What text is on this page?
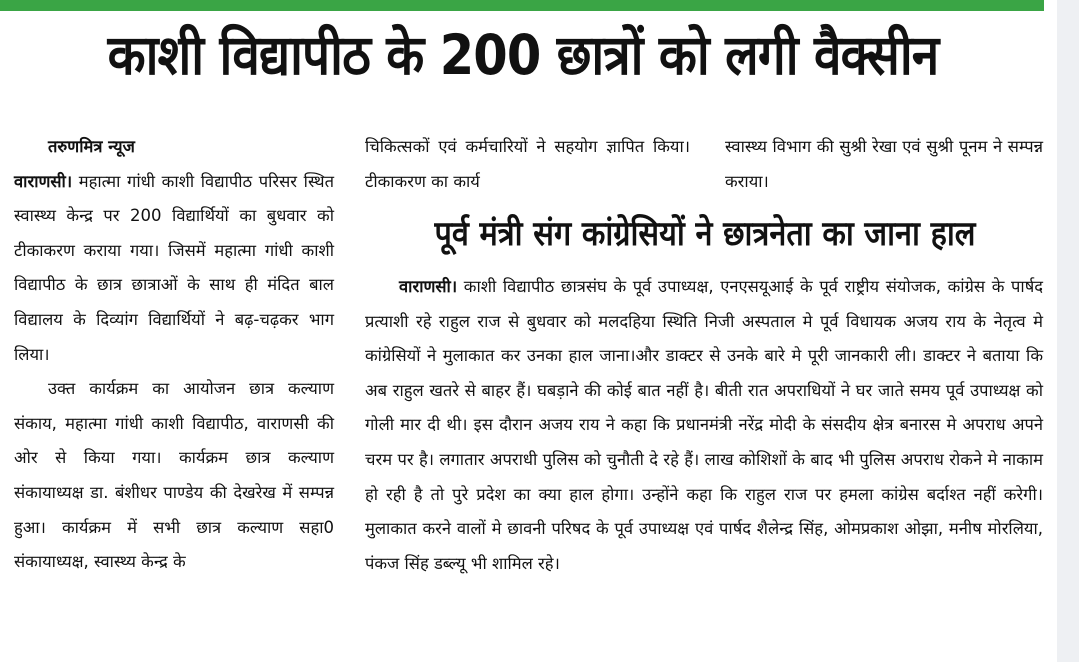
काशी विद्यापीठ के 200 छात्रों को लगी वैक्सीन

तरुणमित्र न्यूज

वाराणसी। महात्मा गांधी काशी विद्यापीठ परिसर स्थित स्वास्थ्य केन्द्र पर 200 विद्यार्थियों का बुधवार को टीकाकरण कराया गया। जिसमें महात्मा गांधी काशी विद्यापीठ के छात्र छात्राओं के साथ ही मंदित बाल विद्यालय के दिव्यांग विद्यार्थियों ने बढ़-चढ़कर भाग लिया।

उक्त कार्यक्रम का आयोजन छात्र कल्याण संकाय, महात्मा गांधी काशी विद्यापीठ, वाराणसी की ओर से किया गया। कार्यक्रम छात्र कल्याण संकायाध्यक्ष डा. बंशीधर पाण्डेय की देखरेख में सम्पन्न हुआ। कार्यक्रम में सभी छात्र कल्याण सहा0 संकायाध्यक्ष, स्वास्थ्य केन्द्र के

चिकित्सकों एवं कर्मचारियों ने सहयोग ज्ञापित किया। टीकाकरण का कार्य

स्वास्थ्य विभाग की सुश्री रेखा एवं सुश्री पूनम ने सम्पन्न कराया।

पूर्व मंत्री संग कांग्रेसियों ने छात्रनेता का जाना हाल

वाराणसी। काशी विद्यापीठ छात्रसंघ के पूर्व उपाध्यक्ष, एनएसयूआई के पूर्व राष्ट्रीय संयोजक, कांग्रेस के पार्षद प्रत्याशी रहे राहुल राज से बुधवार को मलदहिया स्थिति निजी अस्पताल मे पूर्व विधायक अजय राय के नेतृत्व मे कांग्रेसियों ने मुलाकात कर उनका हाल जाना।और डाक्टर से उनके बारे मे पूरी जानकारी ली। डाक्टर ने बताया कि अब राहुल खतरे से बाहर हैं। घबड़ाने की कोई बात नहीं है। बीती रात अपराधियों ने घर जाते समय पूर्व उपाध्यक्ष को गोली मार दी थी। इस दौरान अजय राय ने कहा कि प्रधानमंत्री नरेंद्र मोदी के संसदीय क्षेत्र बनारस मे अपराध अपने चरम पर है। लगातार अपराधी पुलिस को चुनौती दे रहे हैं। लाख कोशिशों के बाद भी पुलिस अपराध रोकने मे नाकाम हो रही है तो पुरे प्रदेश का क्या हाल होगा। उन्होंने कहा कि राहुल राज पर हमला कांग्रेस बर्दाश्त नहीं करेगी। मुलाकात करने वालों मे छावनी परिषद के पूर्व उपाध्यक्ष एवं पार्षद शैलेन्द्र सिंह, ओमप्रकाश ओझा, मनीष मोरलिया, पंकज सिंह डब्ल्यू भी शामिल रहे।
